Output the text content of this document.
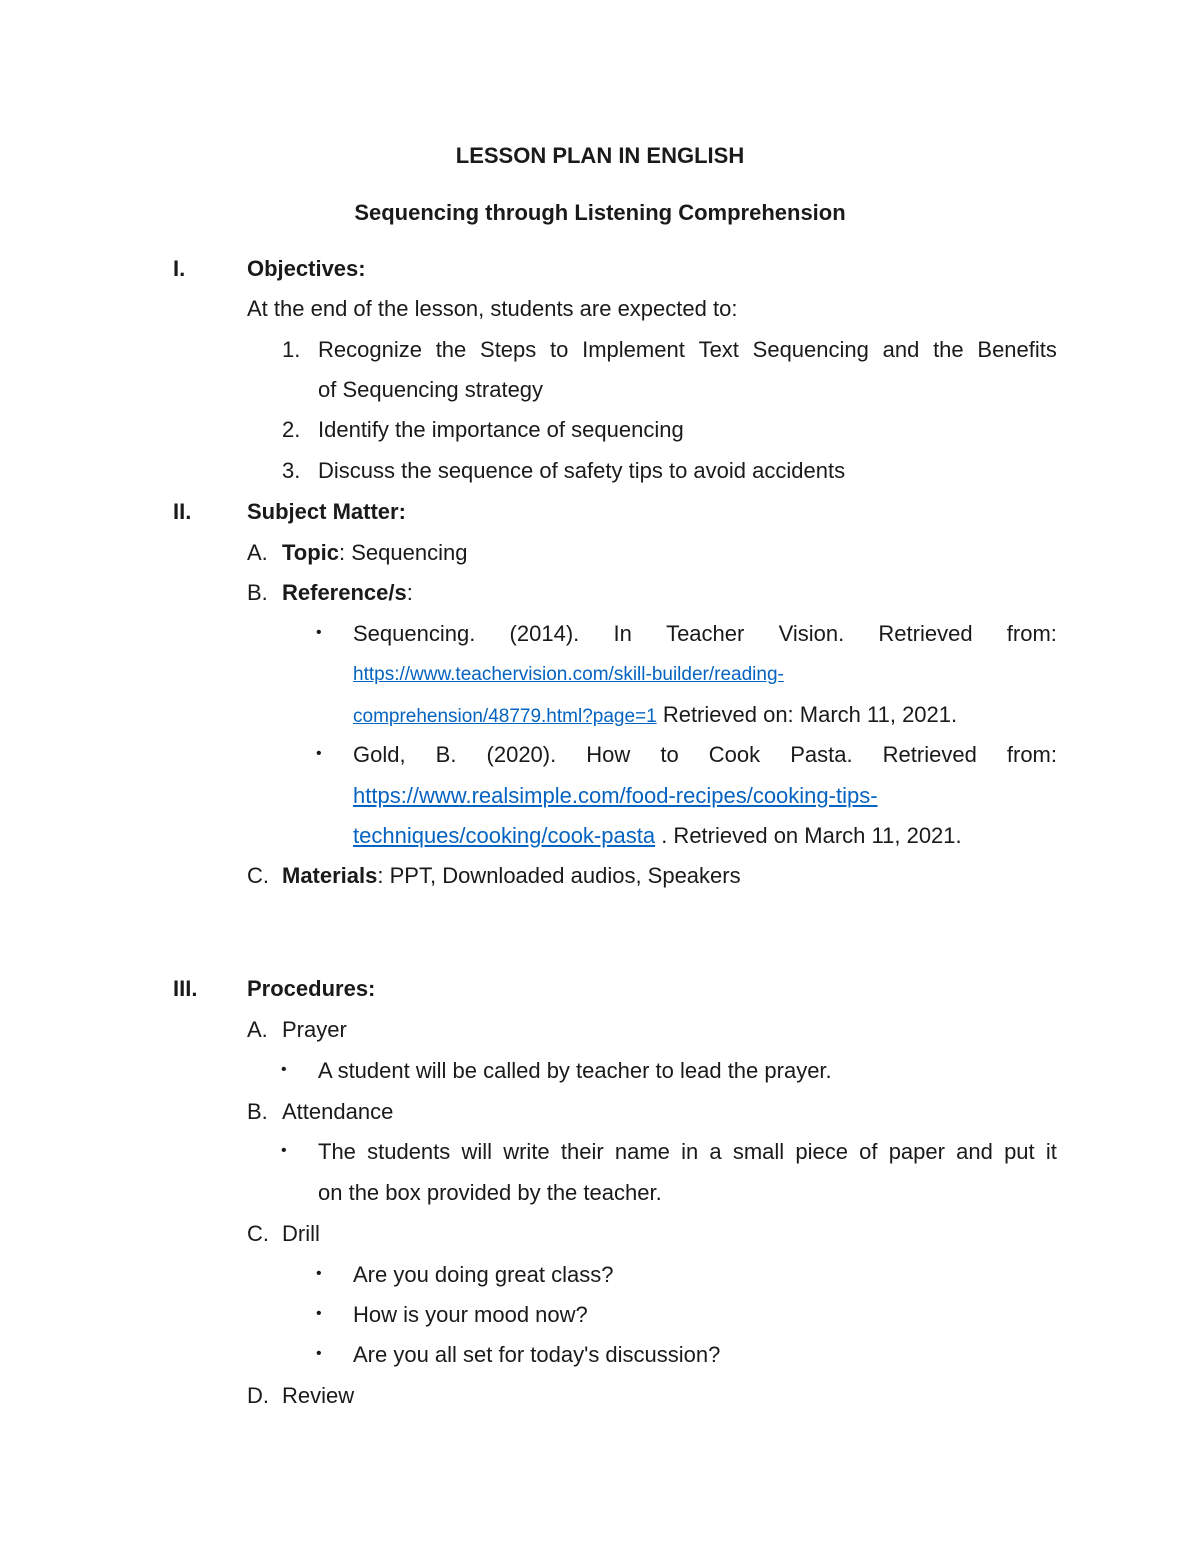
LESSON PLAN IN ENGLISH
Sequencing through Listening Comprehension
I.	Objectives:
At the end of the lesson, students are expected to:
1. Recognize the Steps to Implement Text Sequencing and the Benefits
of Sequencing strategy
2. Identify the importance of sequencing
3. Discuss the sequence of safety tips to avoid accidents
II.	Subject Matter:
A. Topic: Sequencing
B. Reference/s:
• Sequencing. (2014). In Teacher Vision. Retrieved from:
https://www.teachervision.com/skill-builder/reading-
comprehension/48779.html?page=1 Retrieved on: March 11, 2021.
• Gold, B. (2020). How to Cook Pasta. Retrieved from:
https://www.realsimple.com/food-recipes/cooking-tips-
techniques/cooking/cook-pasta . Retrieved on March 11, 2021.
C. Materials: PPT, Downloaded audios, Speakers
III. Procedures:
A. Prayer
• A student will be called by teacher to lead the prayer.
B. Attendance
• The students will write their name in a small piece of paper and put it
on the box provided by the teacher.
C. Drill
• Are you doing great class?
• How is your mood now?
• Are you all set for today's discussion?
D. Review
